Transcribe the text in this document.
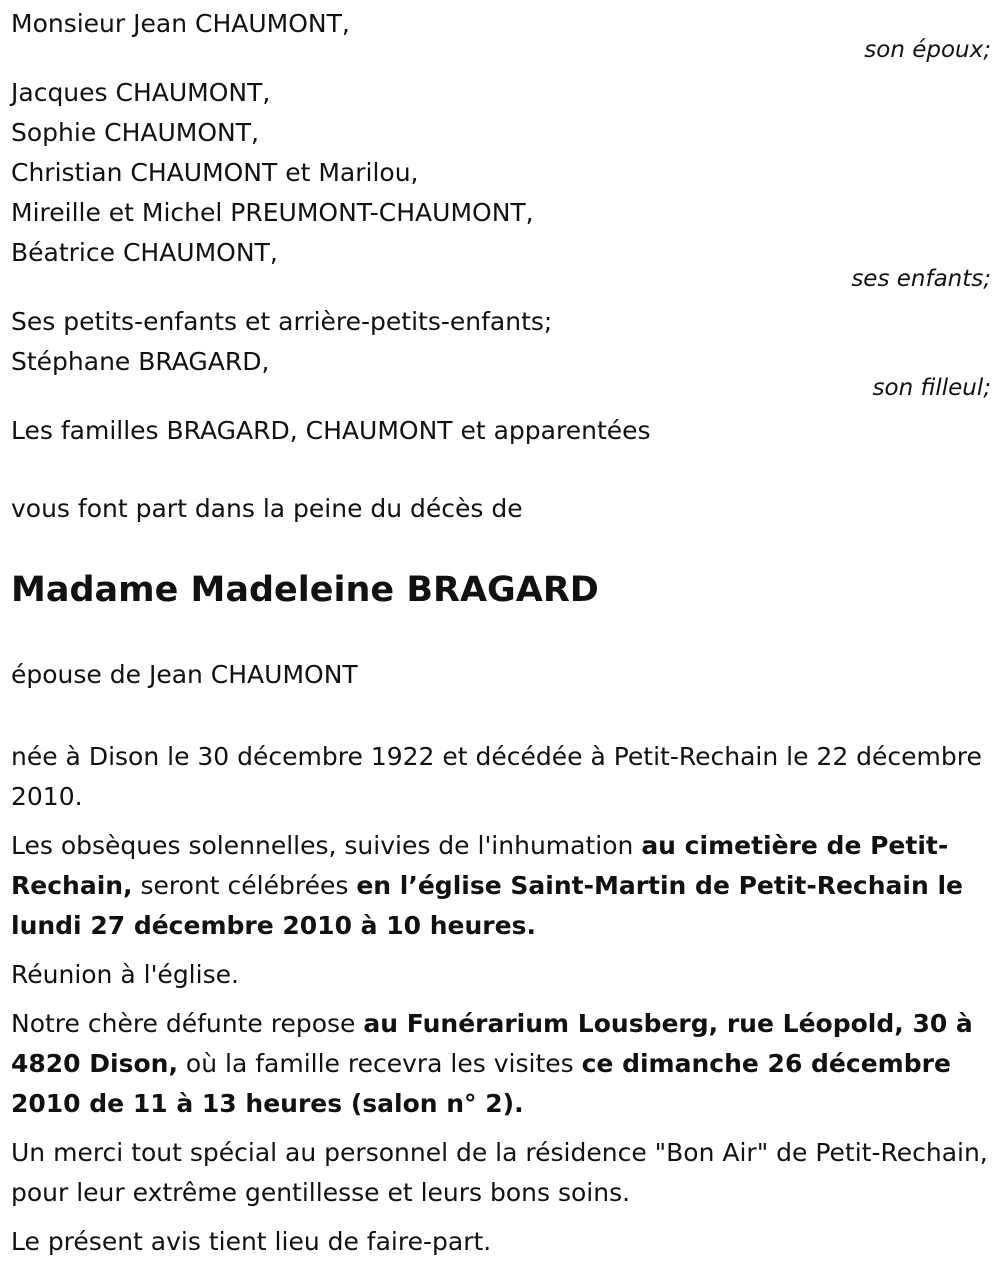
Monsieur Jean CHAUMONT,
son époux;
Jacques CHAUMONT,
Sophie CHAUMONT,
Christian CHAUMONT et Marilou,
Mireille et Michel PREUMONT-CHAUMONT,
Béatrice CHAUMONT,
ses enfants;
Ses petits-enfants et arrière-petits-enfants;
Stéphane BRAGARD,
son filleul;
Les familles BRAGARD, CHAUMONT et apparentées
vous font part dans la peine du décès de
Madame Madeleine BRAGARD
épouse de Jean CHAUMONT
née à Dison le 30 décembre 1922 et décédée à Petit-Rechain le 22 décembre 2010.
Les obsèques solennelles, suivies de l'inhumation au cimetière de Petit-Rechain, seront célébrées en l’église Saint-Martin de Petit-Rechain le lundi 27 décembre 2010 à 10 heures.
Réunion à l'église.
Notre chère défunte repose au Funérarium Lousberg, rue Léopold, 30 à 4820 Dison, où la famille recevra les visites ce dimanche 26 décembre 2010 de 11 à 13 heures (salon n° 2).
Un merci tout spécial au personnel de la résidence "Bon Air" de Petit-Rechain, pour leur extrême gentillesse et leurs bons soins.
Le présent avis tient lieu de faire-part.
